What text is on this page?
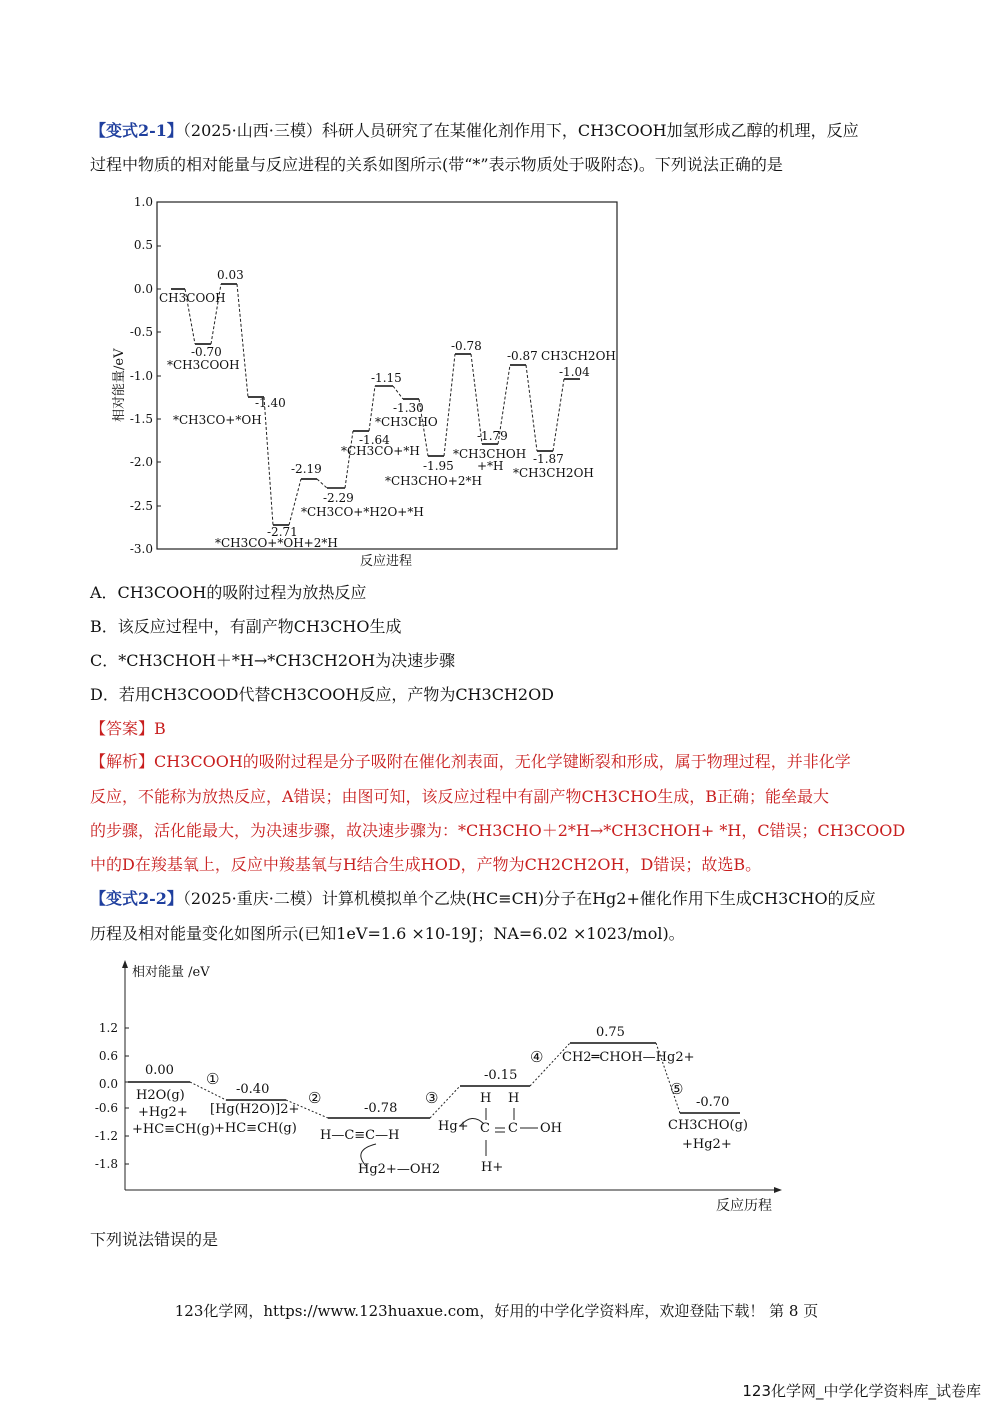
【变式2-1】（2025·山西·三模）科研人员研究了在某催化剂作用下，CH3COOH加氢形成乙醇的机理，反应
过程中物质的相对能量与反应进程的关系如图所示(带“*”表示物质处于吸附态)。下列说法正确的是
1.0
0.5
0.0
-0.5
-1.0
-1.5
-2.0
-2.5
-3.0
相对能量/eV
反应进程
0.03
-0.70
-1.40
-2.71
-2.19
-2.29
-1.64
-1.15
-1.30
-1.95
-0.78
-1.79
-0.87
-1.87
-1.04
CH3COOH
*CH3COOH
*CH3CO+*OH
*CH3CO+*OH+2*H
*CH3CO+*H2O+*H
*CH3CO+*H
*CH3CHO
*CH3CHO+2*H
*CH3CHOH
+*H *CH3CH2OH
CH3CH2OH
A．CH3COOH的吸附过程为放热反应
B．该反应过程中，有副产物CH3CHO生成
C．*CH3CHOH＋*H→*CH3CH2OH为决速步骤
D．若用CH3COOD代替CH3COOH反应，产物为CH3CH2OD
【答案】B
【解析】CH3COOH的吸附过程是分子吸附在催化剂表面，无化学键断裂和形成，属于物理过程，并非化学
反应，不能称为放热反应，A错误；由图可知，该反应过程中有副产物CH3CHO生成，B正确；能垒最大
的步骤，活化能最大，为决速步骤，故决速步骤为：*CH3CHO＋2*H→*CH3CHOH+ *H，C错误；CH3COOD
中的D在羧基氧上，反应中羧基氧与H结合生成HOD，产物为CH2CH2OH，D错误；故选B。
【变式2-2】（2025·重庆·二模）计算机模拟单个乙炔(HC≡CH)分子在Hg2+催化作用下生成CH3CHO的反应
历程及相对能量变化如图所示(已知1eV=1.6 ×10-19J；NA=6.02 ×1023/mol)。
相对能量 /eV
反应历程
1.2
0.6
0.0
-0.6
-1.2
-1.8
0.00
-0.40
-0.78
-0.15
0.75
-0.70
①
②	③
④
⑤
H2O(g)
+Hg2+
+HC≡CH(g)
[Hg(H2O)]2+
+HC≡CH(g) H—C≡C—H
Hg2+—OH2
Hg+
H H
H+
C C OH
CH2═CHOH—Hg2+
CH3CHO(g)
+Hg2+
下列说法错误的是
123化学网，https://www.123huaxue.com，好用的中学化学资料库，欢迎登陆下载！ 第 8 页
123化学网_中学化学资料库_试卷库
